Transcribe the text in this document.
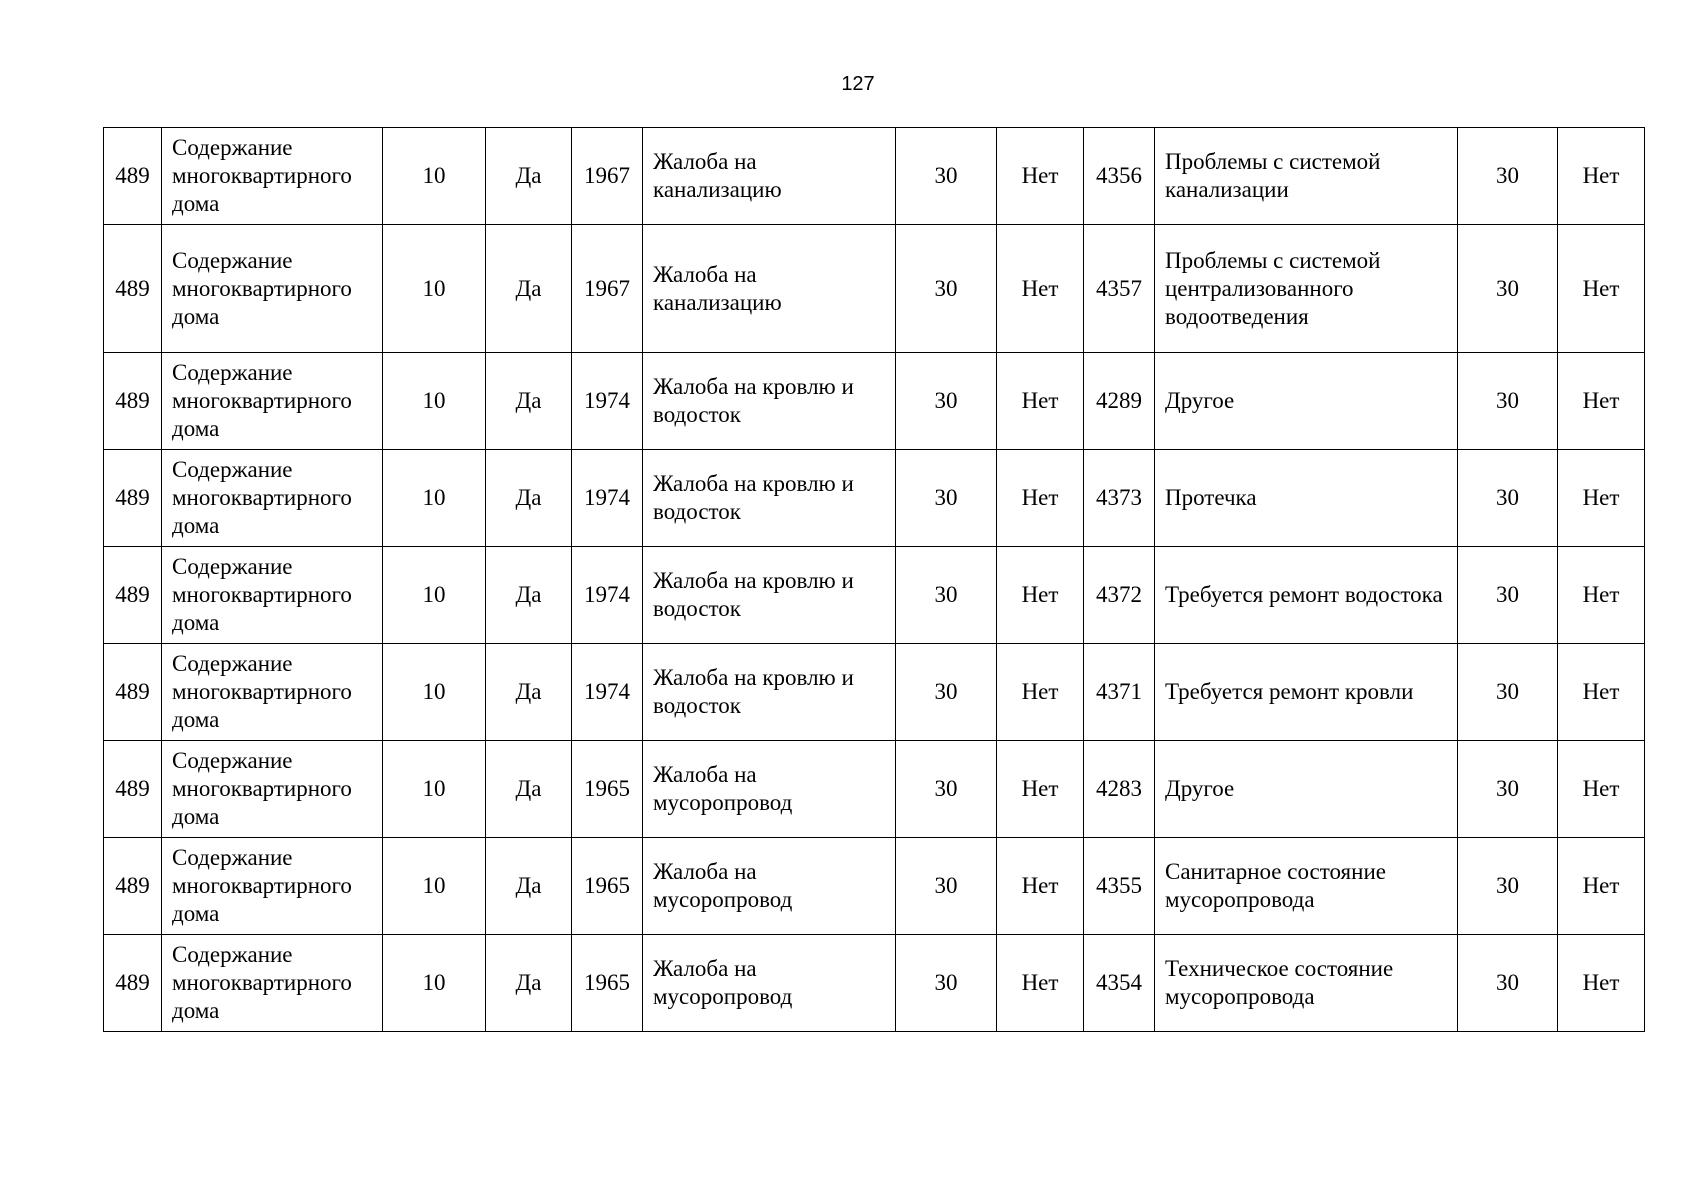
127
489	Содержание многоквартирного дома	10	Да	1967	Жалоба на канализацию	30	Нет	4356	Проблемы с системой канализации	30	Нет
489	Содержание многоквартирного дома	10	Да	1967	Жалоба на канализацию	30	Нет	4357	Проблемы с системой централизованного водоотведения	30	Нет
489	Содержание многоквартирного дома	10	Да	1974	Жалоба на кровлю и водосток	30	Нет	4289	Другое	30	Нет
489	Содержание многоквартирного дома	10	Да	1974	Жалоба на кровлю и водосток	30	Нет	4373	Протечка	30	Нет
489	Содержание многоквартирного дома	10	Да	1974	Жалоба на кровлю и водосток	30	Нет	4372	Требуется ремонт водостока	30	Нет
489	Содержание многоквартирного дома	10	Да	1974	Жалоба на кровлю и водосток	30	Нет	4371	Требуется ремонт кровли	30	Нет
489	Содержание многоквартирного дома	10	Да	1965	Жалоба на мусоропровод	30	Нет	4283	Другое	30	Нет
489	Содержание многоквартирного дома	10	Да	1965	Жалоба на мусоропровод	30	Нет	4355	Санитарное состояние мусоропровода	30	Нет
489	Содержание многоквартирного дома	10	Да	1965	Жалоба на мусоропровод	30	Нет	4354	Техническое состояние мусоропровода	30	Нет
